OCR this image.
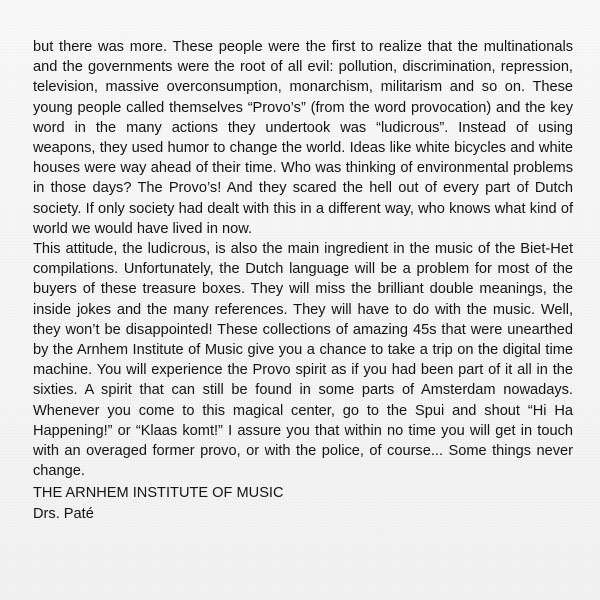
but there was more. These people were the first to realize that the multinationals and the governments were the root of all evil: pollution, discrimination, repression, television, massive overconsumption, monarchism, militarism and so on. These young people called themselves “Provo’s” (from the word provocation) and the key word in the many actions they undertook was “ludicrous”. Instead of using weapons, they used humor to change the world. Ideas like white bicycles and white houses were way ahead of their time. Who was thinking of environmental problems in those days? The Provo’s! And they scared the hell out of every part of Dutch society. If only society had dealt with this in a different way, who knows what kind of world we would have lived in now.

This attitude, the ludicrous, is also the main ingredient in the music of the Biet-Het compilations. Unfortunately, the Dutch language will be a problem for most of the buyers of these treasure boxes. They will miss the brilliant double meanings, the inside jokes and the many references. They will have to do with the music. Well, they won’t be disappointed! These collections of amazing 45s that were unearthed by the Arnhem Institute of Music give you a chance to take a trip on the digital time machine. You will experience the Provo spirit as if you had been part of it all in the sixties. A spirit that can still be found in some parts of Amsterdam nowadays. Whenever you come to this magical center, go to the Spui and shout “Hi Ha Happening!” or “Klaas komt!” I assure you that within no time you will get in touch with an overaged former provo, or with the police, of course... Some things never change.

THE ARNHEM INSTITUTE OF MUSIC
Drs. Paté
